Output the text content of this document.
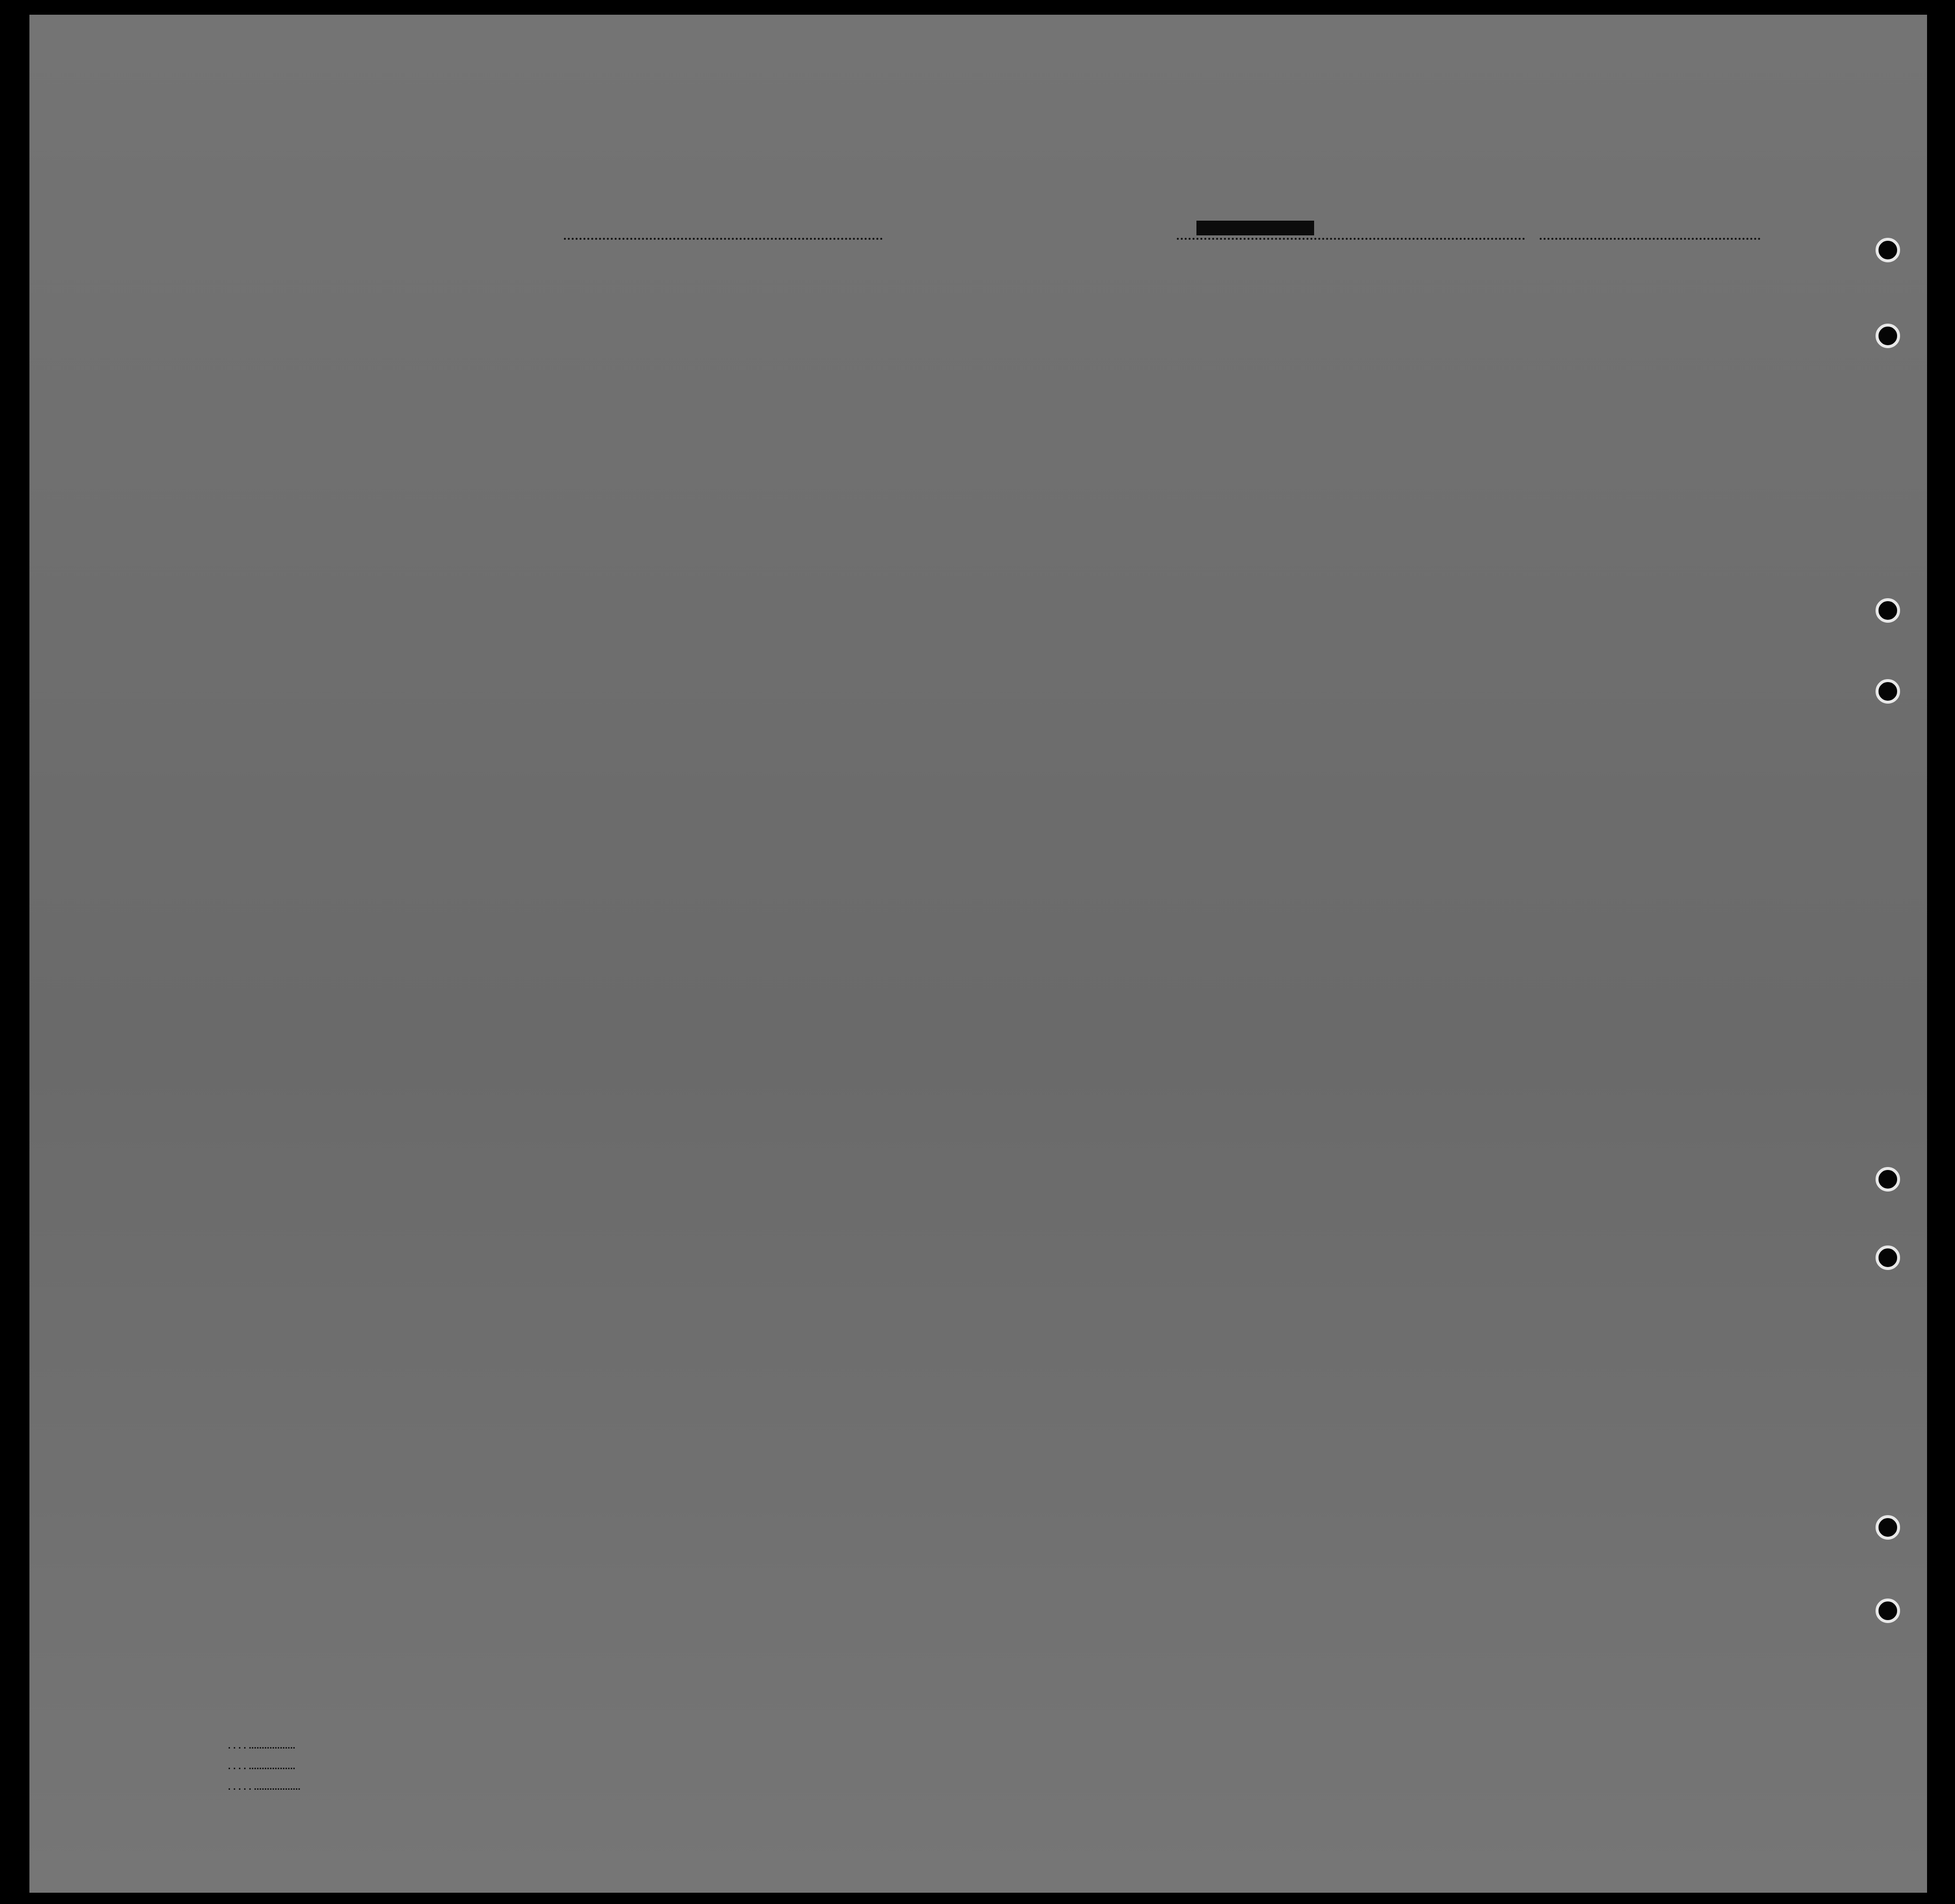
. . . . ..................
. . . . ..................
. . . . . ..................
